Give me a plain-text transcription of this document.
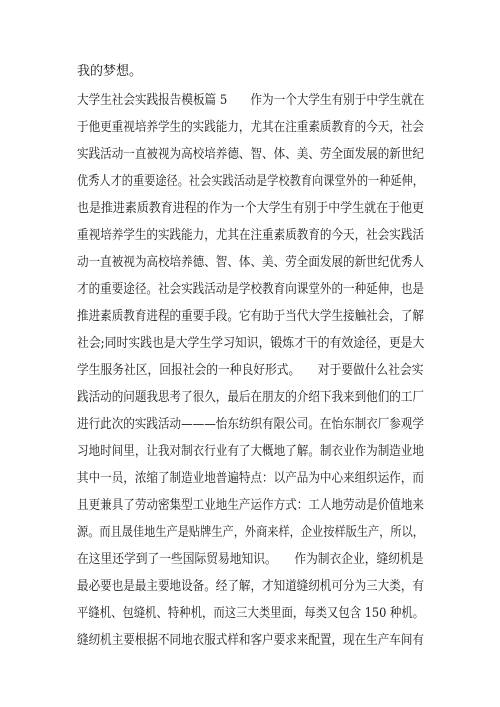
我的梦想。
大学生社会实践报告模板篇 5　　作为一个大学生有别于中学生就在
于他更重视培养学生的实践能力，尤其在注重素质教育的今天，社会
实践活动一直被视为高校培养德、智、体、美、劳全面发展的新世纪
优秀人才的重要途径。社会实践活动是学校教育向课堂外的一种延伸，
也是推进素质教育进程的作为一个大学生有别于中学生就在于他更
重视培养学生的实践能力，尤其在注重素质教育的今天，社会实践活
动一直被视为高校培养德、智、体、美、劳全面发展的新世纪优秀人
才的重要途径。社会实践活动是学校教育向课堂外的一种延伸，也是
推进素质教育进程的重要手段。它有助于当代大学生接触社会，了解
社会;同时实践也是大学生学习知识，锻炼才干的有效途径，更是大
学生服务社区，回报社会的一种良好形式。　　对于要做什么社会实
践活动的问题我思考了很久，最后在朋友的介绍下我来到他们的工厂
进行此次的实践活动———怡东纺织有限公司。在怡东制衣厂参观学
习地时间里，让我对制衣行业有了大概地了解。制衣业作为制造业地
其中一员，浓缩了制造业地普遍特点：以产品为中心来组织运作，而
且更兼具了劳动密集型工业地生产运作方式：工人地劳动是价值地来
源。而且晟佳地生产是贴牌生产，外商来样，企业按样版生产，所以，
在这里还学到了一些国际贸易地知识。　　作为制衣企业，缝纫机是
最必要也是最主要地设备。经了解，才知道缝纫机可分为三大类，有
平缝机、包缝机、特种机，而这三大类里面，每类又包含 150 种机。
缝纫机主要根据不同地衣服式样和客户要求来配置，现在生产车间有
